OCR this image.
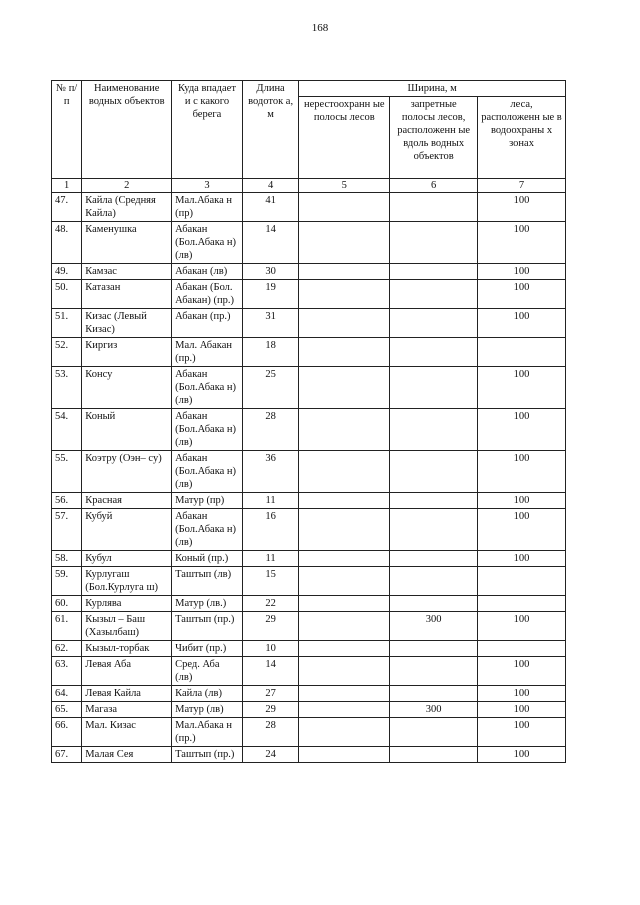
168
№ п/п	Наименование водных объектов	Куда впадает и с какого берега	Длина водоток а, м	Ширина, м		
				нерестоохранн ые полосы лесов	запретные полосы лесов, расположенн ые вдоль водных объектов	леса, расположенн ые в водоохраны х зонах
1	2	3	4	5	6	7
47.	Кайла (Средняя Кайла)	Мал.Абака н (пр)	41			100
48.	Каменушка	Абакан (Бол.Абака н) (лв)	14			100
49.	Камзас	Абакан (лв)	30			100
50.	Катазан	Абакан (Бол. Абакан) (пр.)	19			100
51.	Кизас (Левый Кизас)	Абакан (пр.)	31			100
52.	Киргиз	Мал. Абакан (пр.)	18			
53.	Консу	Абакан (Бол.Абака н) (лв)	25			100
54.	Коный	Абакан (Бол.Абака н) (лв)	28			100
55.	Коэтру (Оэн– су)	Абакан (Бол.Абака н) (лв)	36			100
56.	Красная	Матур (пр)	11			100
57.	Кубуй	Абакан (Бол.Абака н) (лв)	16			100
58.	Кубул	Коный (пр.)	11			100
59.	Курлугаш (Бол.Курлуга ш)	Таштып (лв)	15			
60.	Курлява	Матур (лв.)	22			
61.	Кызыл – Баш (Хазылбаш)	Таштып (пр.)	29		300	100
62.	Кызыл-торбак	Чибит (пр.)	10			
63.	Левая Аба	Сред. Аба (лв)	14			100
64.	Левая Кайла	Кайла (лв)	27			100
65.	Магаза	Матур (лв)	29		300	100
66.	Мал. Кизас	Мал.Абака н (пр.)	28			100
67.	Малая Сея	Таштып (пр.)	24			100
